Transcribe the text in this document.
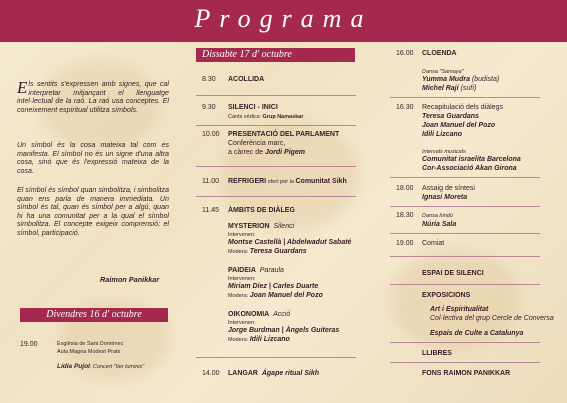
Programa
Els sentits s'expressen amb signes, que cal interpretar mitjançant el llenguatge intel·lectual de la raó. La raó usa conceptes. El coneixement espiritual utilitza símbols.
Un símbol és la cosa mateixa tal com es manifesta. El símbol no és un signe d'una altra cosa, sinó que és l'expressió mateixa de la cosa.
El símbol és símbol quan simbolitza, i simbolitza quan ens parla de manera immediata. Un símbol és tal, quan és símbol per a algú, quan hi ha una comunitat per a la qual el símbol simbolitza. El concepte exigeix comprensió; el símbol, participació.
Raimon Panikkar
Divendres 16 d' octubre
19.00	Església de Sant Doménec
Aula Magna Modest Prats
Lídia Pujol: Concert "Iter luminis"
Dissabte 17 d' octubre
8.30 ACOLLIDA
9.30 SILENCI - INICI
Cants védics: Grup Namaskar
10.00 PRESENTACIÓ DEL PARLAMENT
Conferència marc,
a càrrec de Jordi Pigem
11.00 REFRIGERI ofert per la Comunitat Sikh
11.45 ÀMBITS DE DIÀLEG
MYSTERION Silenci
Intervenen:
Montse Castellà | Abdelwadut Sabaté
Modera: Teresa Guardans
PAIDEIA Paraula
Intervenen:
Miriam Díez | Carles Duarte
Modera: Joan Manuel del Pozo
OIKONOMIA Acció
Intervenen:
Jorge Burdman | Àngels Guiteras
Modera: Idili Lizcano
14.00 LANGAR Ágape ritual Sikh
16.00 CLOENDA
Dansa "Samaya"
Yumma Mudra (budista)
Michel Rají (sufí)
16.30 Recapitulació dels diàlegs
Teresa Guardans
Joan Manuel del Pozo
Idili Lizcano
Intervals musicals
Comunitat israelita Barcelona
Cor-Associació Akan Girona
18.00 Assaig de síntesi
Ignasi Moreta
18.30 Dansa hindú
Núria Sala
19.00 Comiat
ESPAI DE SILENCI
EXPOSICIONS
Art i Espiritualitat
Col·lectiva del grup Cercle de Conversa
Espais de Culte a Catalunya
LLIBRES
FONS RAIMON PANIKKAR
